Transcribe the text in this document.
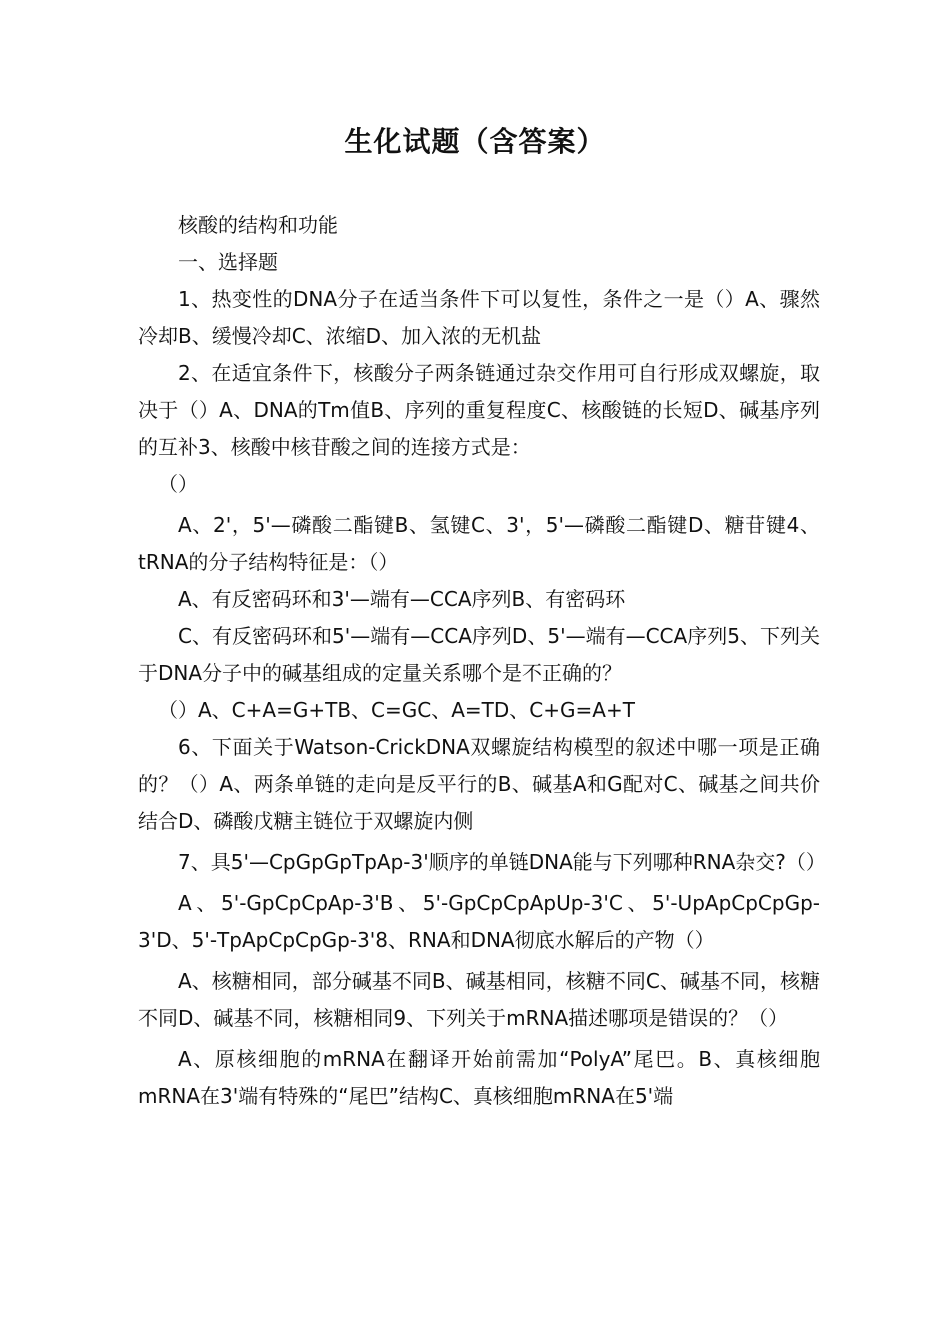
生化试题（含答案）

核酸的结构和功能

一、选择题

1、热变性的DNA分子在适当条件下可以复性，条件之一是（）A、骤然冷却B、缓慢冷却C、浓缩D、加入浓的无机盐

2、在适宜条件下，核酸分子两条链通过杂交作用可自行形成双螺旋，取决于（）A、DNA的Tm值B、序列的重复程度C、核酸链的长短D、碱基序列的互补3、核酸中核苷酸之间的连接方式是：

（）

A、2'，5'—磷酸二酯键B、氢键C、3'，5'—磷酸二酯键D、糖苷键4、tRNA的分子结构特征是：（）

A、有反密码环和3'—端有—CCA序列B、有密码环

C、有反密码环和5'—端有—CCA序列D、5'—端有—CCA序列5、下列关于DNA分子中的碱基组成的定量关系哪个是不正确的？

（）A、C+A=G+TB、C=GC、A=TD、C+G=A+T

6、下面关于Watson-CrickDNA双螺旋结构模型的叙述中哪一项是正确的？（）A、两条单链的走向是反平行的B、碱基A和G配对C、碱基之间共价结合D、磷酸戊糖主链位于双螺旋内侧

7、具5'—CpGpGpTpAp-3'顺序的单链DNA能与下列哪种RNA杂交?（）

A、5'-GpCpCpAp-3'B、5'-GpCpCpApUp-3'C、5'-UpApCpCpGp-3'D、5'-TpApCpCpGp-3'8、RNA和DNA彻底水解后的产物（）

A、核糖相同，部分碱基不同B、碱基相同，核糖不同C、碱基不同，核糖不同D、碱基不同，核糖相同9、下列关于mRNA描述哪项是错误的？（）

A、原核细胞的mRNA在翻译开始前需加“PolyA”尾巴。B、真核细胞mRNA在3'端有特殊的“尾巴”结构C、真核细胞mRNA在5'端
